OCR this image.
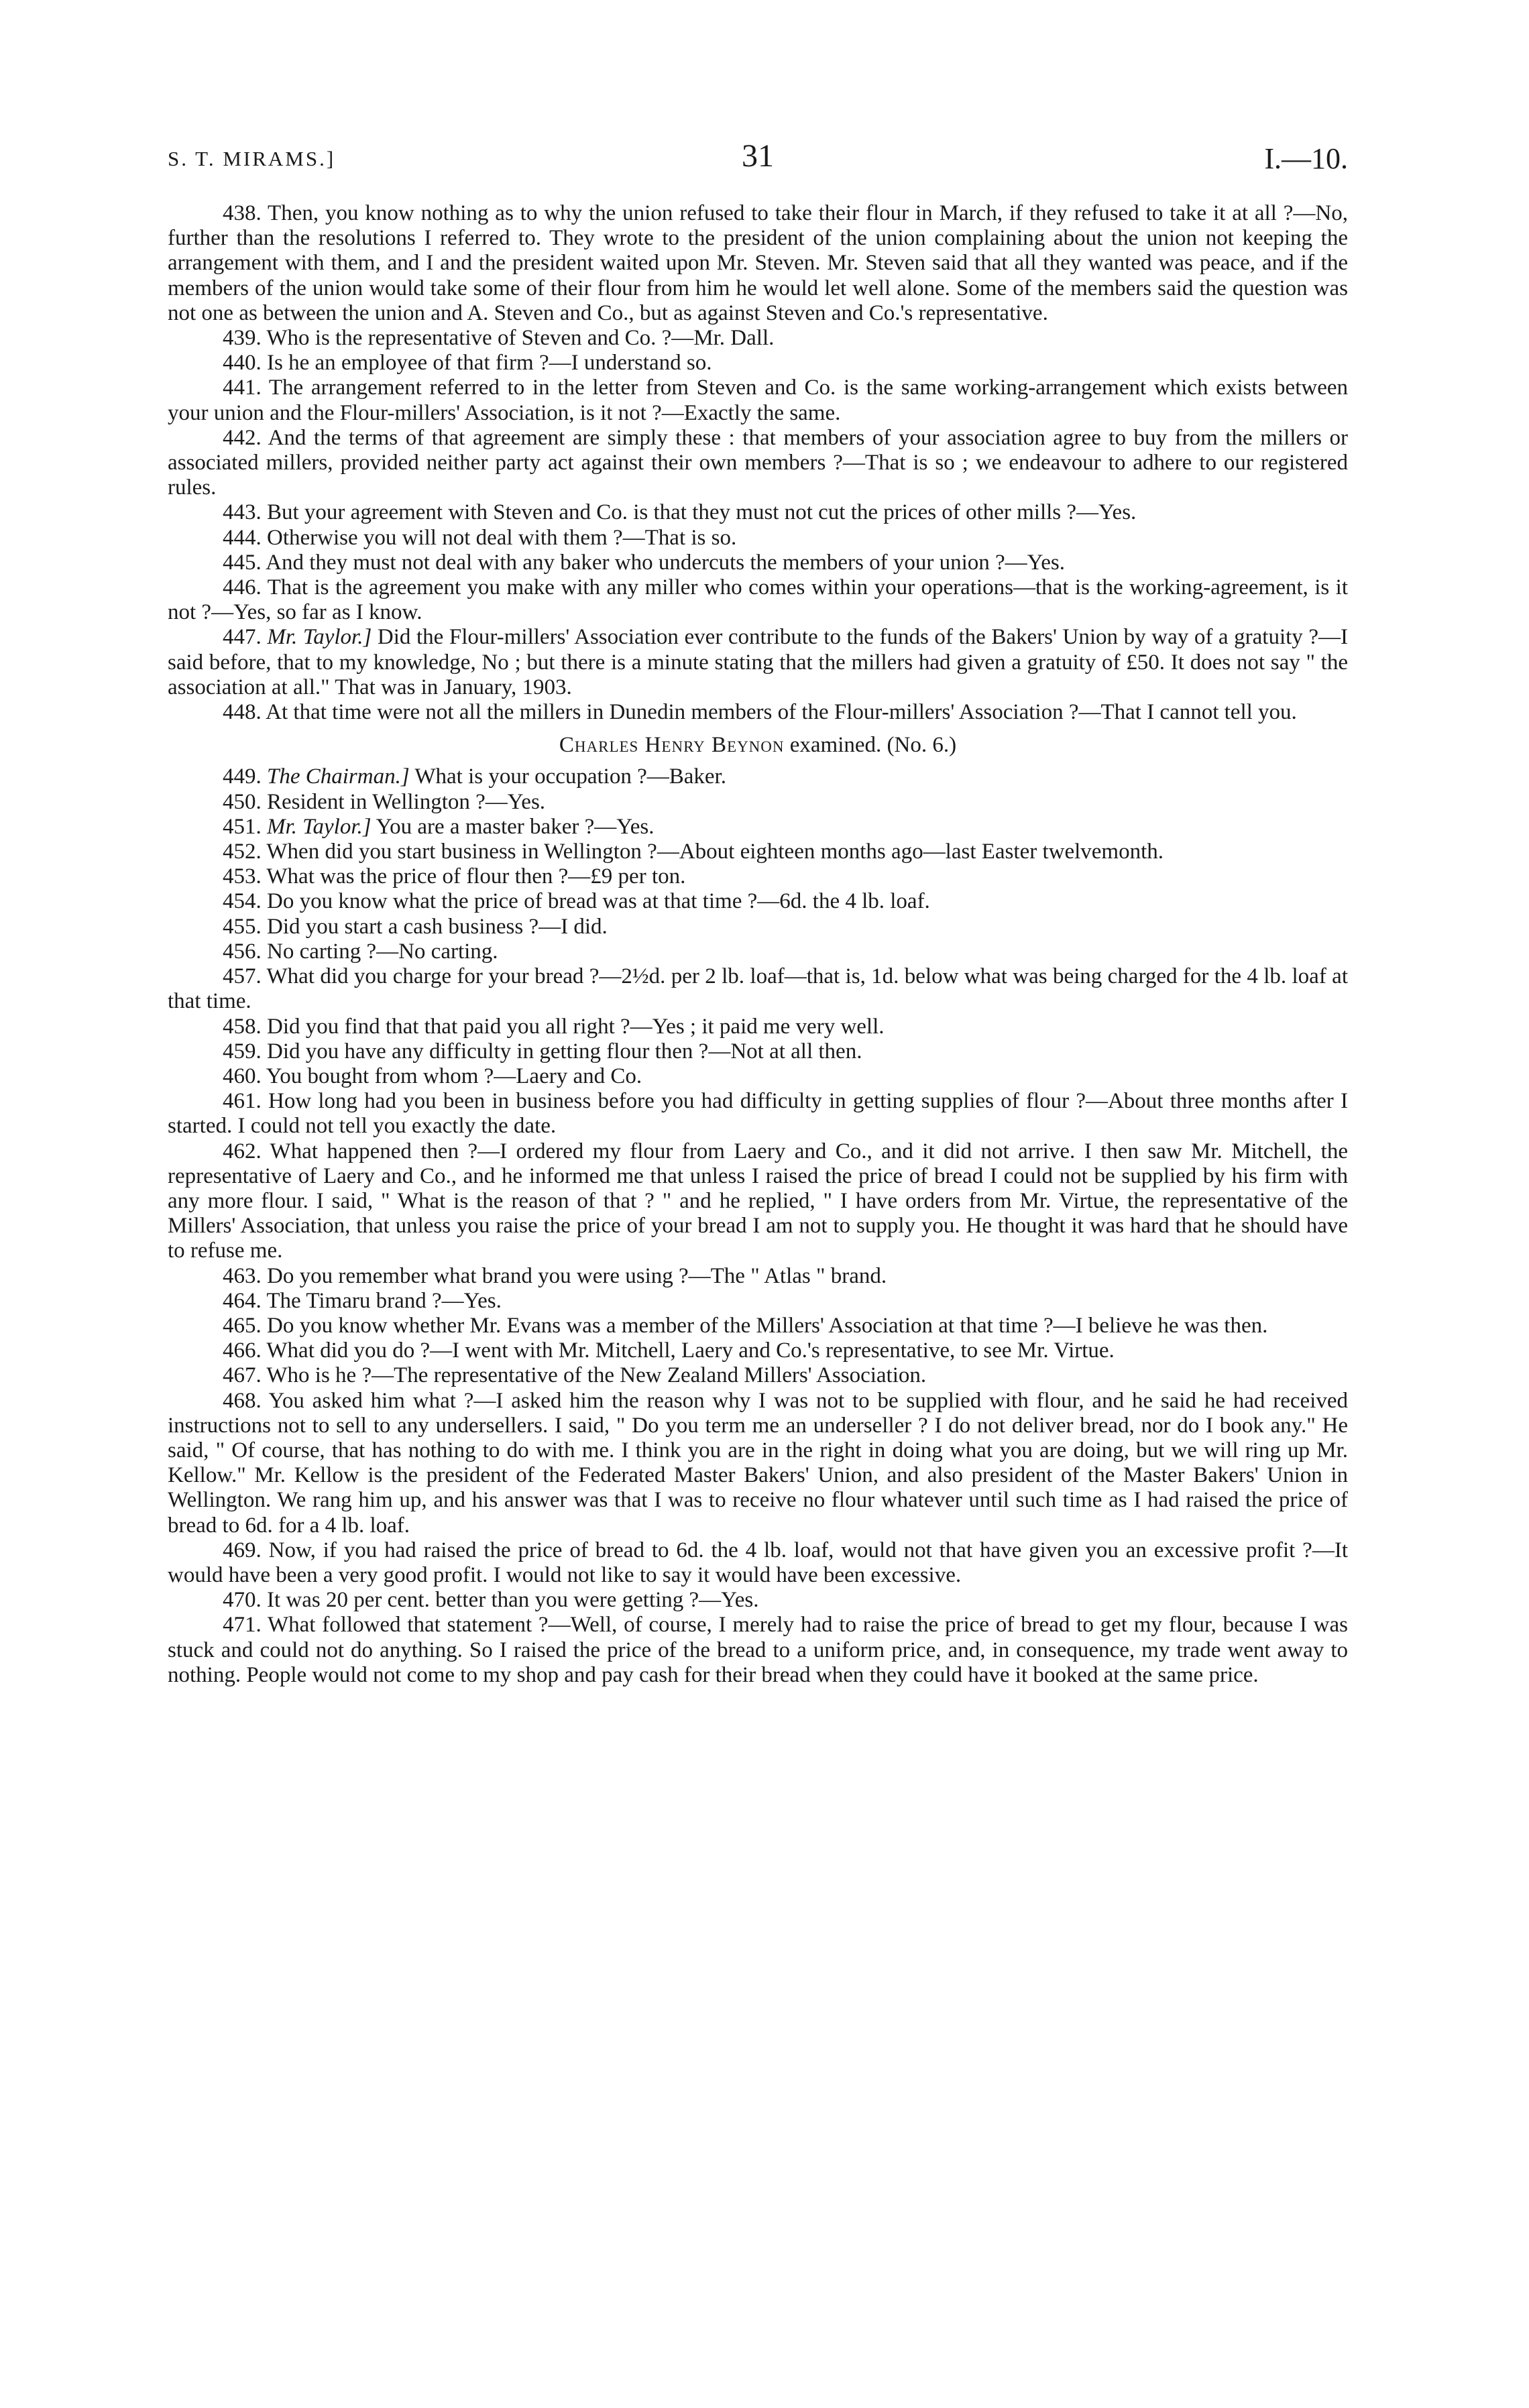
S. T. MIRAMS.]	31	I.—10.

438. Then, you know nothing as to why the union refused to take their flour in March, if they refused to take it at all ?—No, further than the resolutions I referred to. They wrote to the president of the union complaining about the union not keeping the arrangement with them, and I and the president waited upon Mr. Steven. Mr. Steven said that all they wanted was peace, and if the members of the union would take some of their flour from him he would let well alone. Some of the members said the question was not one as between the union and A. Steven and Co., but as against Steven and Co.'s representative.

439. Who is the representative of Steven and Co. ?—Mr. Dall.

440. Is he an employee of that firm ?—I understand so.

441. The arrangement referred to in the letter from Steven and Co. is the same working-arrangement which exists between your union and the Flour-millers' Association, is it not ?—Exactly the same.

442. And the terms of that agreement are simply these : that members of your association agree to buy from the millers or associated millers, provided neither party act against their own members ?—That is so ; we endeavour to adhere to our registered rules.

443. But your agreement with Steven and Co. is that they must not cut the prices of other mills ?—Yes.

444. Otherwise you will not deal with them ?—That is so.

445. And they must not deal with any baker who undercuts the members of your union ?—Yes.

446. That is the agreement you make with any miller who comes within your operations—that is the working-agreement, is it not ?—Yes, so far as I know.

447. Mr. Taylor.] Did the Flour-millers' Association ever contribute to the funds of the Bakers' Union by way of a gratuity ?—I said before, that to my knowledge, No ; but there is a minute stating that the millers had given a gratuity of £50. It does not say " the association at all." That was in January, 1903.

448. At that time were not all the millers in Dunedin members of the Flour-millers' Association ?—That I cannot tell you.

Charles Henry Beynon examined. (No. 6.)

449. The Chairman.] What is your occupation ?—Baker.

450. Resident in Wellington ?—Yes.

451. Mr. Taylor.] You are a master baker ?—Yes.

452. When did you start business in Wellington ?—About eighteen months ago—last Easter twelvemonth.

453. What was the price of flour then ?—£9 per ton.

454. Do you know what the price of bread was at that time ?—6d. the 4 lb. loaf.

455. Did you start a cash business ?—I did.

456. No carting ?—No carting.

457. What did you charge for your bread ?—2½d. per 2 lb. loaf—that is, 1d. below what was being charged for the 4 lb. loaf at that time.

458. Did you find that that paid you all right ?—Yes ; it paid me very well.

459. Did you have any difficulty in getting flour then ?—Not at all then.

460. You bought from whom ?—Laery and Co.

461. How long had you been in business before you had difficulty in getting supplies of flour ?—About three months after I started. I could not tell you exactly the date.

462. What happened then ?—I ordered my flour from Laery and Co., and it did not arrive. I then saw Mr. Mitchell, the representative of Laery and Co., and he informed me that unless I raised the price of bread I could not be supplied by his firm with any more flour. I said, " What is the reason of that ? " and he replied, " I have orders from Mr. Virtue, the representative of the Millers' Association, that unless you raise the price of your bread I am not to supply you. He thought it was hard that he should have to refuse me.

463. Do you remember what brand you were using ?—The " Atlas " brand.

464. The Timaru brand ?—Yes.

465. Do you know whether Mr. Evans was a member of the Millers' Association at that time ?—I believe he was then.

466. What did you do ?—I went with Mr. Mitchell, Laery and Co.'s representative, to see Mr. Virtue.

467. Who is he ?—The representative of the New Zealand Millers' Association.

468. You asked him what ?—I asked him the reason why I was not to be supplied with flour, and he said he had received instructions not to sell to any undersellers. I said, " Do you term me an underseller ? I do not deliver bread, nor do I book any." He said, " Of course, that has nothing to do with me. I think you are in the right in doing what you are doing, but we will ring up Mr. Kellow." Mr. Kellow is the president of the Federated Master Bakers' Union, and also president of the Master Bakers' Union in Wellington. We rang him up, and his answer was that I was to receive no flour whatever until such time as I had raised the price of bread to 6d. for a 4 lb. loaf.

469. Now, if you had raised the price of bread to 6d. the 4 lb. loaf, would not that have given you an excessive profit ?—It would have been a very good profit. I would not like to say it would have been excessive.

470. It was 20 per cent. better than you were getting ?—Yes.

471. What followed that statement ?—Well, of course, I merely had to raise the price of bread to get my flour, because I was stuck and could not do anything. So I raised the price of the bread to a uniform price, and, in consequence, my trade went away to nothing. People would not come to my shop and pay cash for their bread when they could have it booked at the same price.
